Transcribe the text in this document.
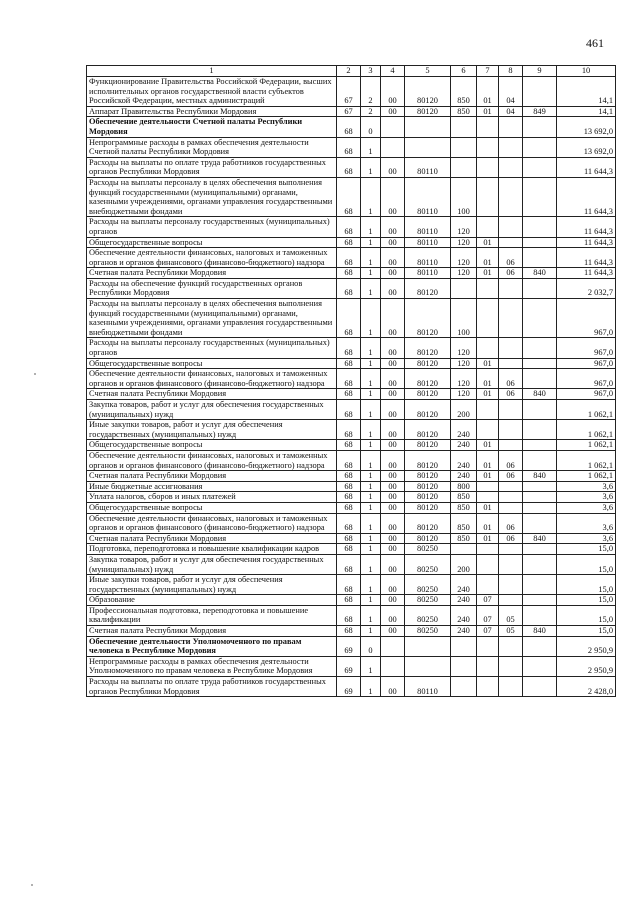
461
1	2	3	4	5	6	7	8	9	10
Функционирование Правительства Российской Федерации, высших исполнительных органов государственной власти субъектов Российской Федерации, местных администраций	67	2	00	80120	850	01	04		14,1
Аппарат Правительства Республики Мордовия	67	2	00	80120	850	01	04	849	14,1
Обеспечение деятельности Счетной палаты Республики Мордовия	68	0							13 692,0
Непрограммные расходы в рамках обеспечения деятельности Счетной палаты Республики Мордовия	68	1							13 692,0
Расходы на выплаты по оплате труда работников государственных органов Республики Мордовия	68	1	00	80110					11 644,3
Расходы на выплаты персоналу в целях обеспечения выполнения функций государственными (муниципальными) органами, казенными учреждениями, органами управления государственными внебюджетными фондами	68	1	00	80110	100				11 644,3
Расходы на выплаты персоналу государственных (муниципальных) органов	68	1	00	80110	120				11 644,3
Общегосударственные вопросы	68	1	00	80110	120	01			11 644,3
Обеспечение деятельности финансовых, налоговых и таможенных органов и органов финансового (финансово-бюджетного) надзора	68	1	00	80110	120	01	06		11 644,3
Счетная палата Республики Мордовия	68	1	00	80110	120	01	06	840	11 644,3
Расходы на обеспечение функций государственных органов Республики Мордовия	68	1	00	80120					2 032,7
Расходы на выплаты персоналу в целях обеспечения выполнения функций государственными (муниципальными) органами, казенными учреждениями, органами управления государственными внебюджетными фондами	68	1	00	80120	100				967,0
Расходы на выплаты персоналу государственных (муниципальных) органов	68	1	00	80120	120				967,0
Общегосударственные вопросы	68	1	00	80120	120	01			967,0
Обеспечение деятельности финансовых, налоговых и таможенных органов и органов финансового (финансово-бюджетного) надзора	68	1	00	80120	120	01	06		967,0
Счетная палата Республики Мордовия	68	1	00	80120	120	01	06	840	967,0
Закупка товаров, работ и услуг для обеспечения государственных (муниципальных) нужд	68	1	00	80120	200				1 062,1
Иные закупки товаров, работ и услуг для обеспечения государственных (муниципальных) нужд	68	1	00	80120	240				1 062,1
Общегосударственные вопросы	68	1	00	80120	240	01			1 062,1
Обеспечение деятельности финансовых, налоговых и таможенных органов и органов финансового (финансово-бюджетного) надзора	68	1	00	80120	240	01	06		1 062,1
Счетная палата Республики Мордовия	68	1	00	80120	240	01	06	840	1 062,1
Иные бюджетные ассигнования	68	1	00	80120	800				3,6
Уплата налогов, сборов и иных платежей	68	1	00	80120	850				3,6
Общегосударственные вопросы	68	1	00	80120	850	01			3,6
Обеспечение деятельности финансовых, налоговых и таможенных органов и органов финансового (финансово-бюджетного) надзора	68	1	00	80120	850	01	06		3,6
Счетная палата Республики Мордовия	68	1	00	80120	850	01	06	840	3,6
Подготовка, переподготовка и повышение квалификации кадров	68	1	00	80250					15,0
Закупка товаров, работ и услуг для обеспечения государственных (муниципальных) нужд	68	1	00	80250	200				15,0
Иные закупки товаров, работ и услуг для обеспечения государственных (муниципальных) нужд	68	1	00	80250	240				15,0
Образование	68	1	00	80250	240	07			15,0
Профессиональная подготовка, переподготовка и повышение квалификации	68	1	00	80250	240	07	05		15,0
Счетная палата Республики Мордовия	68	1	00	80250	240	07	05	840	15,0
Обеспечение деятельности Уполномоченного по правам человека в Республике Мордовия	69	0							2 950,9
Непрограммные расходы в рамках обеспечения деятельности Уполномоченного по правам человека в Республике Мордовия	69	1							2 950,9
Расходы на выплаты по оплате труда работников государственных органов Республики Мордовия	69	1	00	80110					2 428,0
